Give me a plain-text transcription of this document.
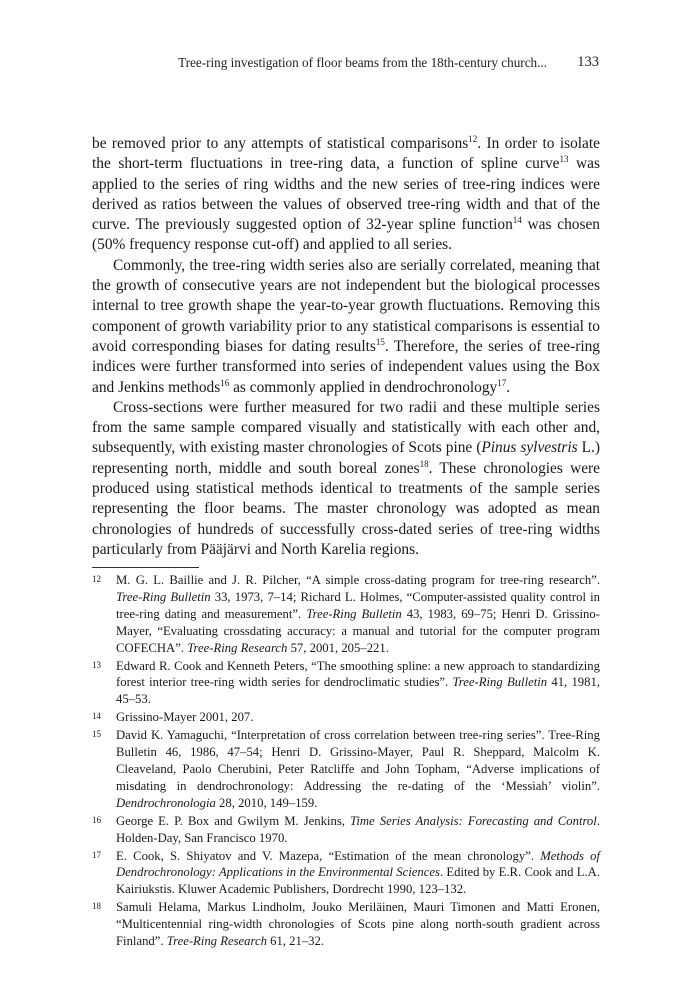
Tree-ring investigation of floor beams from the 18th-century church... 133

be removed prior to any attempts of statistical comparisons$^{12}$. In order to isolate the short-term fluctuations in tree-ring data, a function of spline curve$^{13}$ was applied to the series of ring widths and the new series of tree-ring indices were derived as ratios between the values of observed tree-ring width and that of the curve. The previously suggested option of 32-year spline function$^{14}$ was chosen (50% frequency response cut-off) and applied to all series.

Commonly, the tree-ring width series also are serially correlated, meaning that the growth of consecutive years are not independent but the biological processes internal to tree growth shape the year-to-year growth fluctuations. Removing this component of growth variability prior to any statistical comparisons is essential to avoid corresponding biases for dating results$^{15}$. Therefore, the series of tree-ring indices were further transformed into series of independent values using the Box and Jenkins methods$^{16}$ as commonly applied in dendrochronology$^{17}$.

Cross-sections were further measured for two radii and these multiple series from the same sample compared visually and statistically with each other and, subsequently, with existing master chronologies of Scots pine (Pinus sylvestris L.) representing north, middle and south boreal zones$^{18}$. These chronologies were produced using statistical methods identical to treatments of the sample series representing the floor beams. The master chronology was adopted as mean chronologies of hundreds of successfully cross-dated series of tree-ring widths particularly from Pääjärvi and North Karelia regions.

12 M. G. L. Baillie and J. R. Pilcher, “A simple cross-dating program for tree-ring research”. Tree-Ring Bulletin 33, 1973, 7–14; Richard L. Holmes, “Computer-assisted quality control in tree-ring dating and measurement”. Tree-Ring Bulletin 43, 1983, 69–75; Henri D. Grissino-Mayer, “Evaluating crossdating accuracy: a manual and tutorial for the computer program COFECHA”. Tree-Ring Research 57, 2001, 205–221.
13 Edward R. Cook and Kenneth Peters, “The smoothing spline: a new approach to standardizing forest interior tree-ring width series for dendroclimatic studies”. Tree-Ring Bulletin 41, 1981, 45–53.
14 Grissino-Mayer 2001, 207.
15 David K. Yamaguchi, “Interpretation of cross correlation between tree-ring series”. Tree-Ring Bulletin 46, 1986, 47–54; Henri D. Grissino-Mayer, Paul R. Sheppard, Malcolm K. Cleaveland, Paolo Cherubini, Peter Ratcliffe and John Topham, “Adverse implications of misdating in dendrochronology: Addressing the re-dating of the ‘Messiah’ violin”. Dendrochronologia 28, 2010, 149–159.
16 George E. P. Box and Gwilym M. Jenkins, Time Series Analysis: Forecasting and Control. Holden-Day, San Francisco 1970.
17 E. Cook, S. Shiyatov and V. Mazepa, “Estimation of the mean chronology”. Methods of Dendrochronology: Applications in the Environmental Sciences. Edited by E.R. Cook and L.A. Kairiukstis. Kluwer Academic Publishers, Dordrecht 1990, 123–132.
18 Samuli Helama, Markus Lindholm, Jouko Meriläinen, Mauri Timonen and Matti Eronen, “Multicentennial ring-width chronologies of Scots pine along north-south gradient across Finland”. Tree-Ring Research 61, 21–32.
